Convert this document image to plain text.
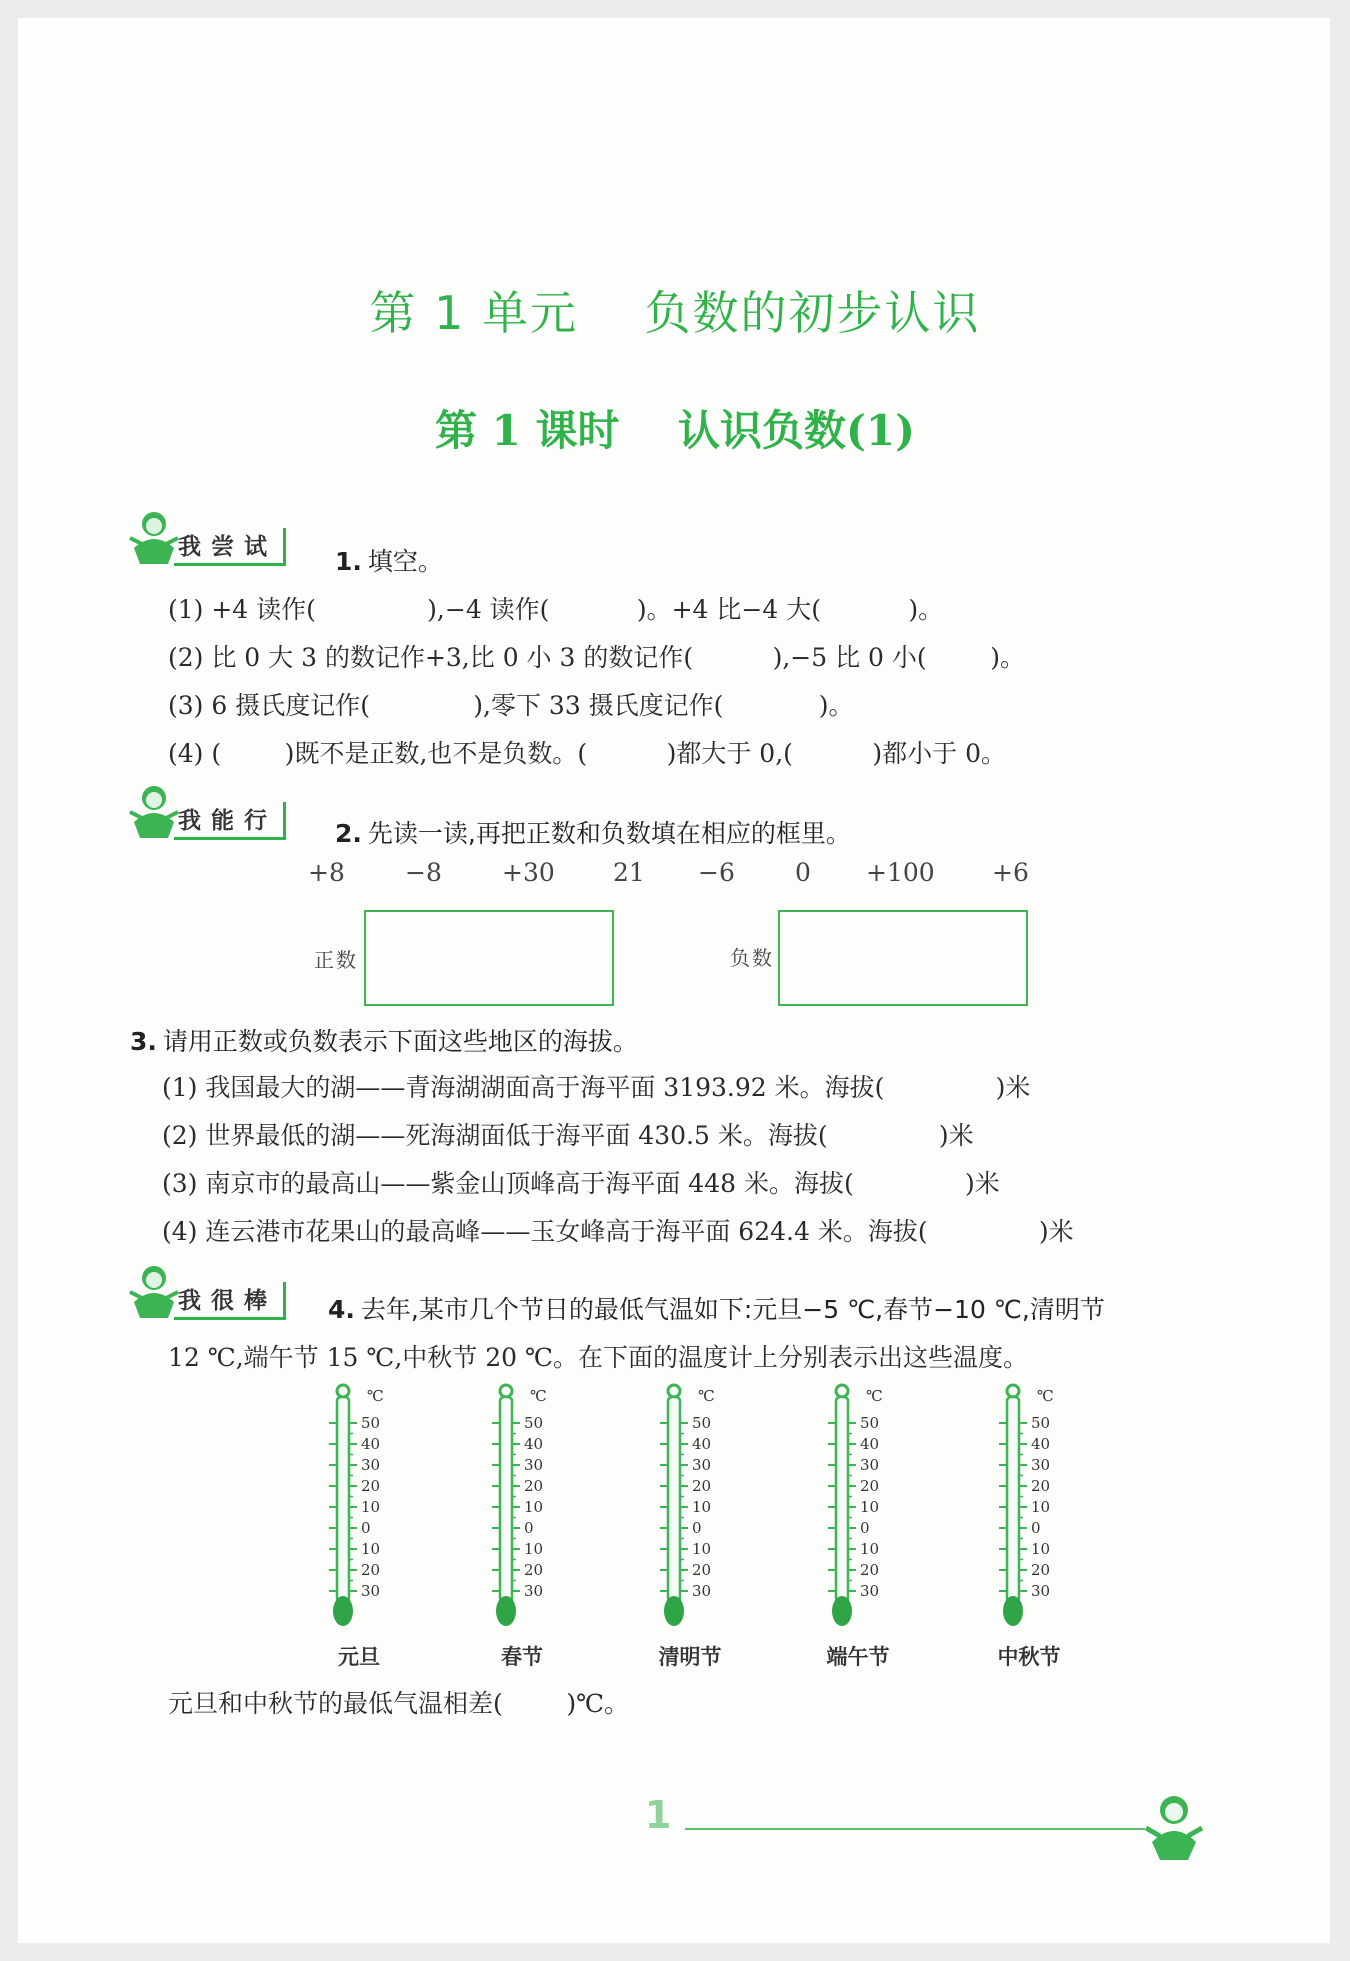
第 1 单元    负数的初步认识
第 1 课时    认识负数(1)
我尝试	1. 填空。
(1) +4 读作(              ),−4 读作(           )。+4 比−4 大(           )。
(2) 比 0 大 3 的数记作+3,比 0 小 3 的数记作(          ),−5 比 0 小(        )。
(3) 6 摄氏度记作(             ),零下 33 摄氏度记作(            )。
(4) (        )既不是正数,也不是负数。(          )都大于 0,(          )都小于 0。
我能行	2. 先读一读,再把正数和负数填在相应的框里。
+8 −8 +30 21 −6 0 +100 +6
正数	负数
3. 请用正数或负数表示下面这些地区的海拔。
(1) 我国最大的湖——青海湖湖面高于海平面 3193.92 米。海拔(              )米
(2) 世界最低的湖——死海湖面低于海平面 430.5 米。海拔(              )米
(3) 南京市的最高山——紫金山顶峰高于海平面 448 米。海拔(              )米
(4) 连云港市花果山的最高峰——玉女峰高于海平面 624.4 米。海拔(              )米
我很棒	4. 去年,某市几个节日的最低气温如下:元旦−5 ℃,春节−10 ℃,清明节
12 ℃,端午节 15 ℃,中秋节 20 ℃。在下面的温度计上分别表示出这些温度。
℃
50
40
30
20
10
0
10
20
30
元旦
℃
50
40
30
20
10
0
10
20
30
春节
℃
50
40
30
20
10
0
10
20
30
清明节
℃
50
40
30
20
10
0
10
20
30
端午节
℃
50
40
30
20
10
0
10
20
30
中秋节
元旦和中秋节的最低气温相差(        )℃。
1
